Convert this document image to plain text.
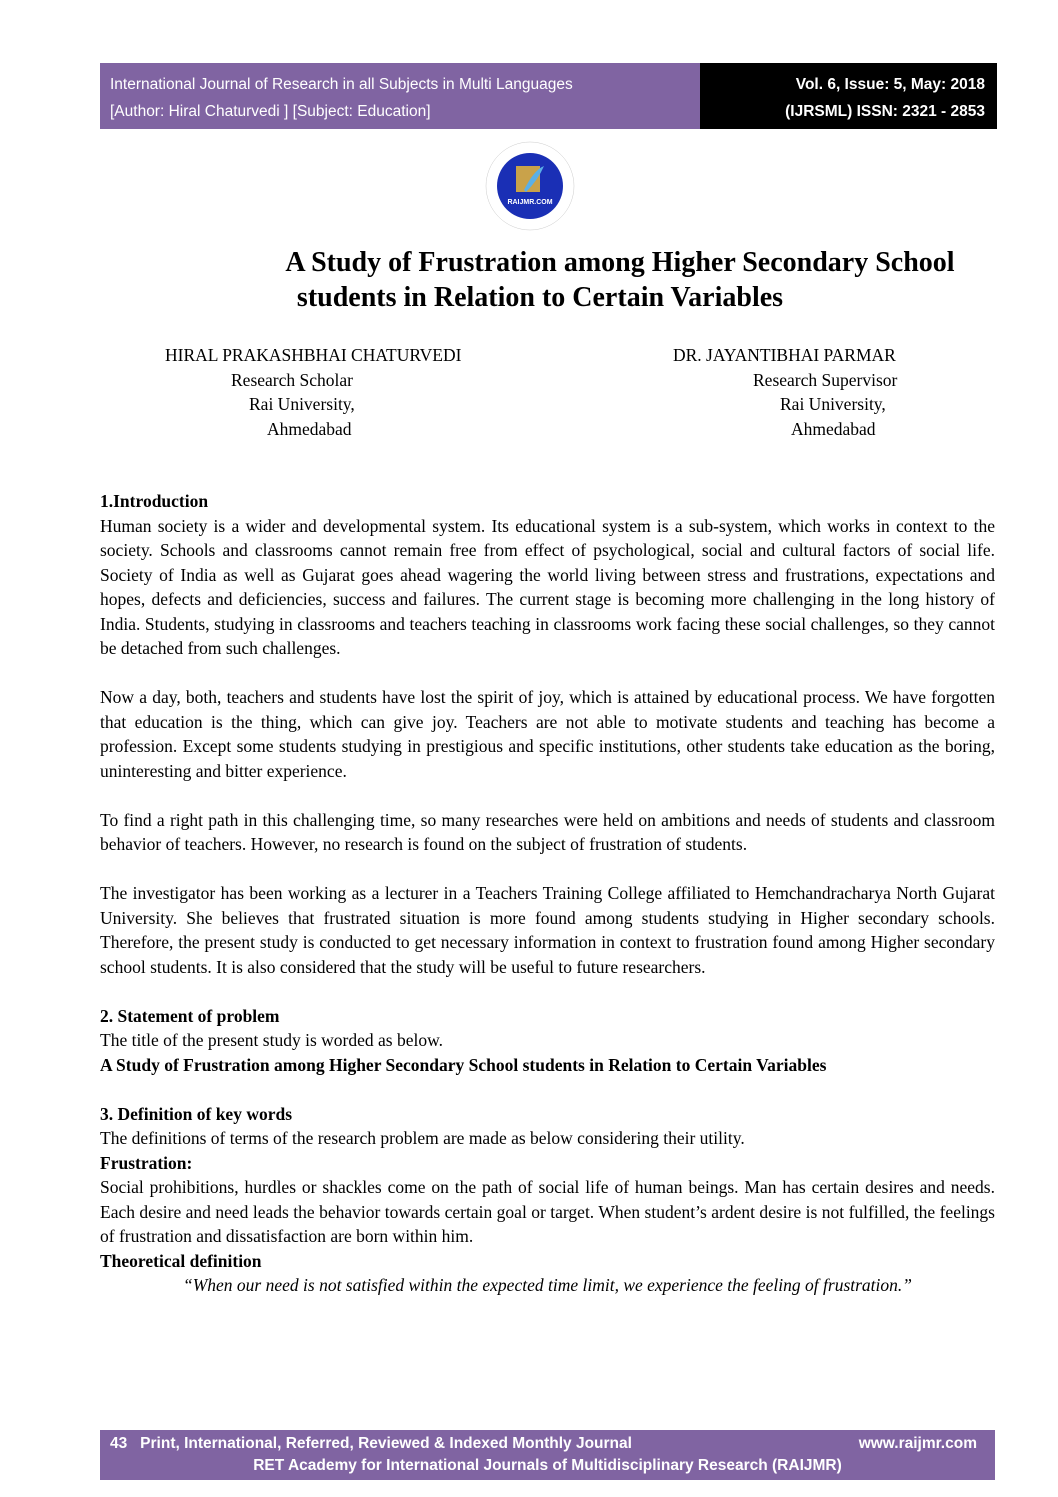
International Journal of Research in all Subjects in Multi Languages
[Author: Hiral Chaturvedi ] [Subject: Education]
Vol. 6, Issue: 5, May: 2018
(IJRSML) ISSN: 2321 - 2853
RAIJMR.COM
A Study of Frustration among Higher Secondary School
students in Relation to Certain Variables
HIRAL PRAKASHBHAI CHATURVEDI
Research Scholar
Rai University,
Ahmedabad
DR. JAYANTIBHAI PARMAR
Research Supervisor
Rai University,
Ahmedabad
1.Introduction

Human society is a wider and developmental system. Its educational system is a sub-system, which works in context to the society. Schools and classrooms cannot remain free from effect of psychological, social and cultural factors of social life. Society of India as well as Gujarat goes ahead wagering the world living between stress and frustrations, expectations and hopes, defects and deficiencies, success and failures. The current stage is becoming more challenging in the long history of India. Students, studying in classrooms and teachers teaching in classrooms work facing these social challenges, so they cannot be detached from such challenges.

Now a day, both, teachers and students have lost the spirit of joy, which is attained by educational process. We have forgotten that education is the thing, which can give joy. Teachers are not able to motivate students and teaching has become a profession. Except some students studying in prestigious and specific institutions, other students take education as the boring, uninteresting and bitter experience.

To find a right path in this challenging time, so many researches were held on ambitions and needs of students and classroom behavior of teachers. However, no research is found on the subject of frustration of students.

The investigator has been working as a lecturer in a Teachers Training College affiliated to Hemchandracharya North Gujarat University. She believes that frustrated situation is more found among students studying in Higher secondary schools. Therefore, the present study is conducted to get necessary information in context to frustration found among Higher secondary school students. It is also considered that the study will be useful to future researchers.

2. Statement of problem

The title of the present study is worded as below.

A Study of Frustration among Higher Secondary School students in Relation to Certain Variables

3. Definition of key words

The definitions of terms of the research problem are made as below considering their utility.

Frustration:

Social prohibitions, hurdles or shackles come on the path of social life of human beings. Man has certain desires and needs. Each desire and need leads the behavior towards certain goal or target. When student’s ardent desire is not fulfilled, the feelings of frustration and dissatisfaction are born within him.

Theoretical definition

“When our need is not satisfied within the expected time limit, we experience the feeling of frustration.”

43 Print, International, Referred, Reviewed & Indexed Monthly Journal	www.raijmr.com
RET Academy for International Journals of Multidisciplinary Research (RAIJMR)
